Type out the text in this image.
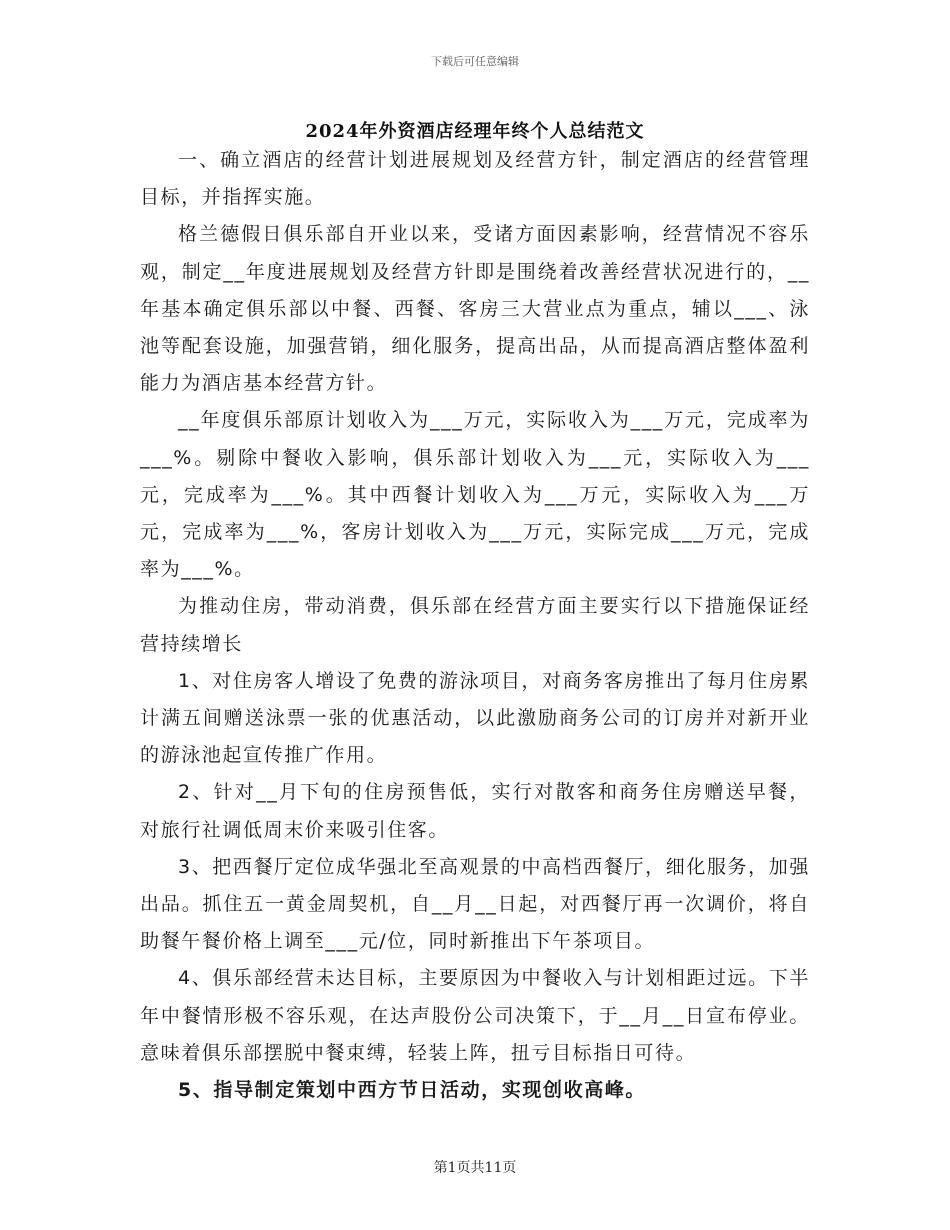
下载后可任意编辑
2024年外资酒店经理年终个人总结范文

一、确立酒店的经营计划进展规划及经营方针，制定酒店的经营管理目标，并指挥实施。

格兰德假日俱乐部自开业以来，受诸方面因素影响，经营情况不容乐观，制定__年度进展规划及经营方针即是围绕着改善经营状况进行的，__年基本确定俱乐部以中餐、西餐、客房三大营业点为重点，辅以___、泳池等配套设施，加强营销，细化服务，提高出品，从而提高酒店整体盈利能力为酒店基本经营方针。

__年度俱乐部原计划收入为___万元，实际收入为___万元，完成率为___%。剔除中餐收入影响，俱乐部计划收入为___元，实际收入为___元，完成率为___%。其中西餐计划收入为___万元，实际收入为___万元，完成率为___%，客房计划收入为___万元，实际完成___万元，完成率为___%。

为推动住房，带动消费，俱乐部在经营方面主要实行以下措施保证经营持续增长

1、对住房客人增设了免费的游泳项目，对商务客房推出了每月住房累计满五间赠送泳票一张的优惠活动，以此激励商务公司的订房并对新开业的游泳池起宣传推广作用。

2、针对__月下旬的住房预售低，实行对散客和商务住房赠送早餐，对旅行社调低周末价来吸引住客。

3、把西餐厅定位成华强北至高观景的中高档西餐厅，细化服务，加强出品。抓住五一黄金周契机，自__月__日起，对西餐厅再一次调价，将自助餐午餐价格上调至___元/位，同时新推出下午茶项目。

4、俱乐部经营未达目标，主要原因为中餐收入与计划相距过远。下半年中餐情形极不容乐观，在达声股份公司决策下，于__月__日宣布停业。意味着俱乐部摆脱中餐束缚，轻装上阵，扭亏目标指日可待。

5、指导制定策划中西方节日活动，实现创收高峰。

第1页共11页
